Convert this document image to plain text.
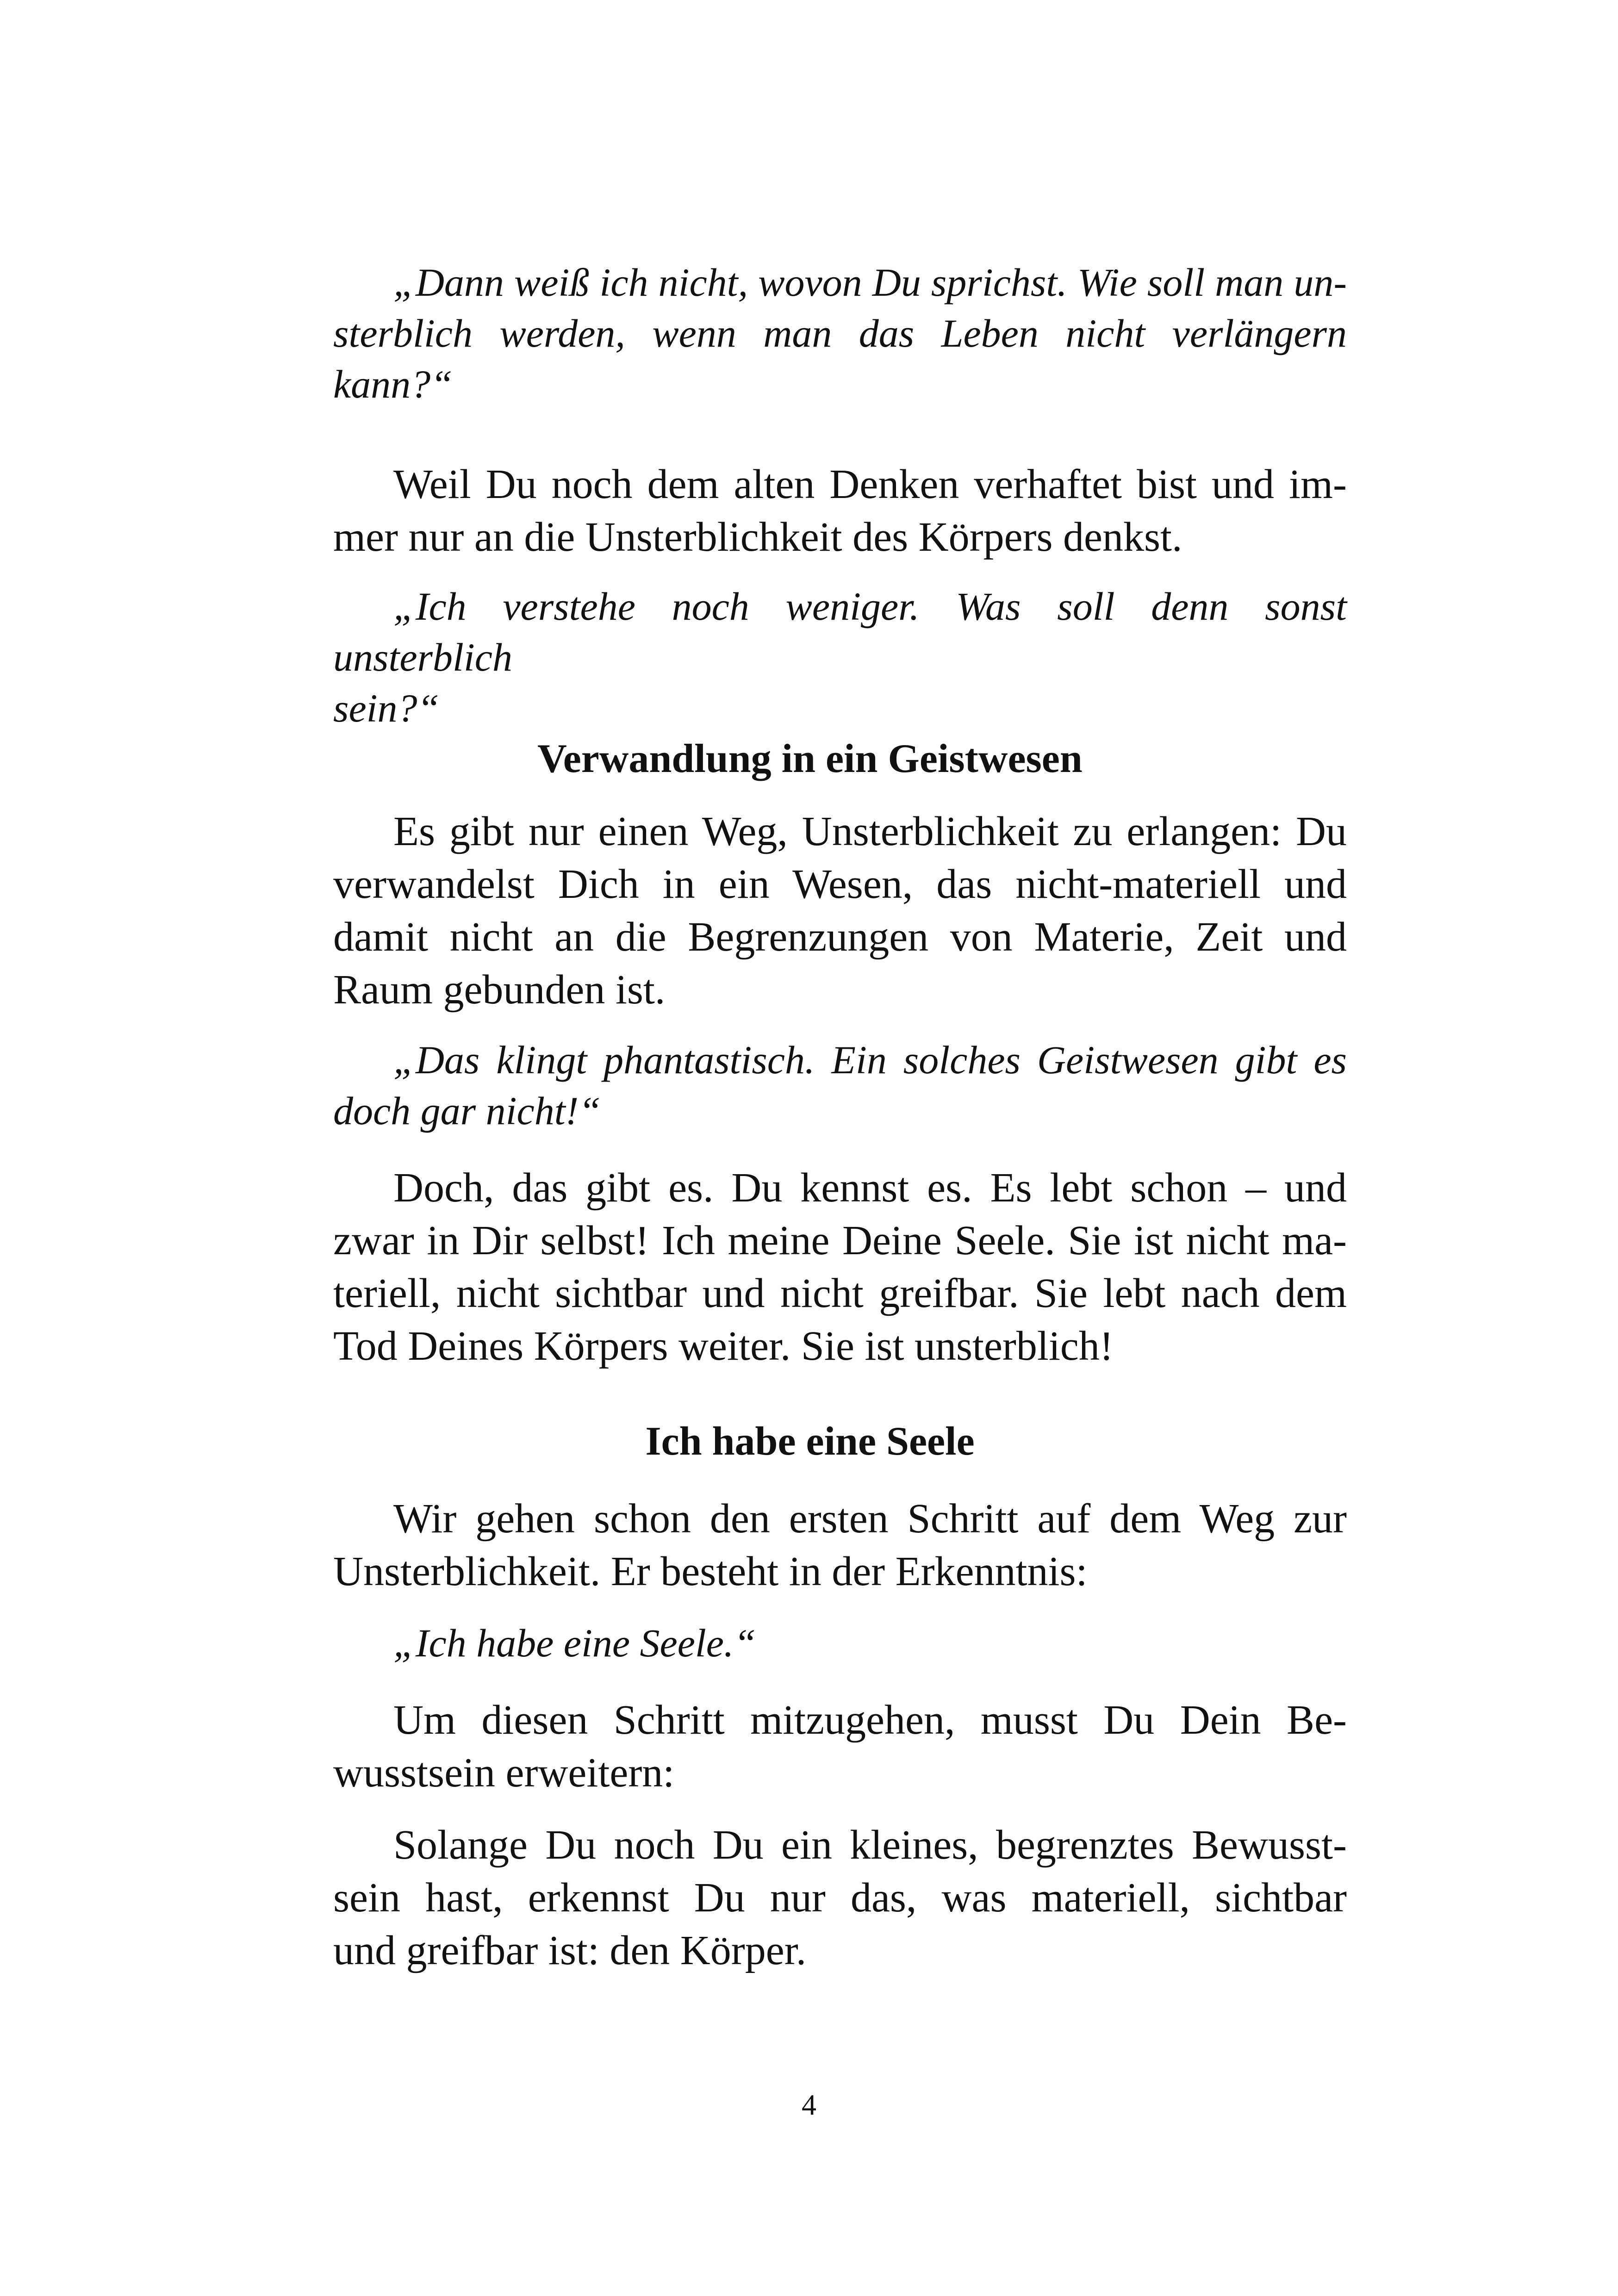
„Dann weiß ich nicht, wovon Du sprichst. Wie soll man un-
sterblich werden, wenn man das Leben nicht verlängern
kann?“
Weil Du noch dem alten Denken verhaftet bist und im-
mer nur an die Unsterblichkeit des Körpers denkst.
„Ich verstehe noch weniger. Was soll denn sonst unsterblich
sein?“
Verwandlung in ein Geistwesen
Es gibt nur einen Weg, Unsterblichkeit zu erlangen: Du
verwandelst Dich in ein Wesen, das nicht-materiell und
damit nicht an die Begrenzungen von Materie, Zeit und
Raum gebunden ist.
„Das klingt phantastisch. Ein solches Geistwesen gibt es
doch gar nicht!“
Doch, das gibt es. Du kennst es. Es lebt schon – und
zwar in Dir selbst! Ich meine Deine Seele. Sie ist nicht ma-
teriell, nicht sichtbar und nicht greifbar. Sie lebt nach dem
Tod Deines Körpers weiter. Sie ist unsterblich!
Ich habe eine Seele
Wir gehen schon den ersten Schritt auf dem Weg zur
Unsterblichkeit. Er besteht in der Erkenntnis:
„Ich habe eine Seele.“
Um diesen Schritt mitzugehen, musst Du Dein Be-
wusstsein erweitern:
Solange Du noch Du ein kleines, begrenztes Bewusst-
sein hast, erkennst Du nur das, was materiell, sichtbar
und greifbar ist: den Körper.
4
